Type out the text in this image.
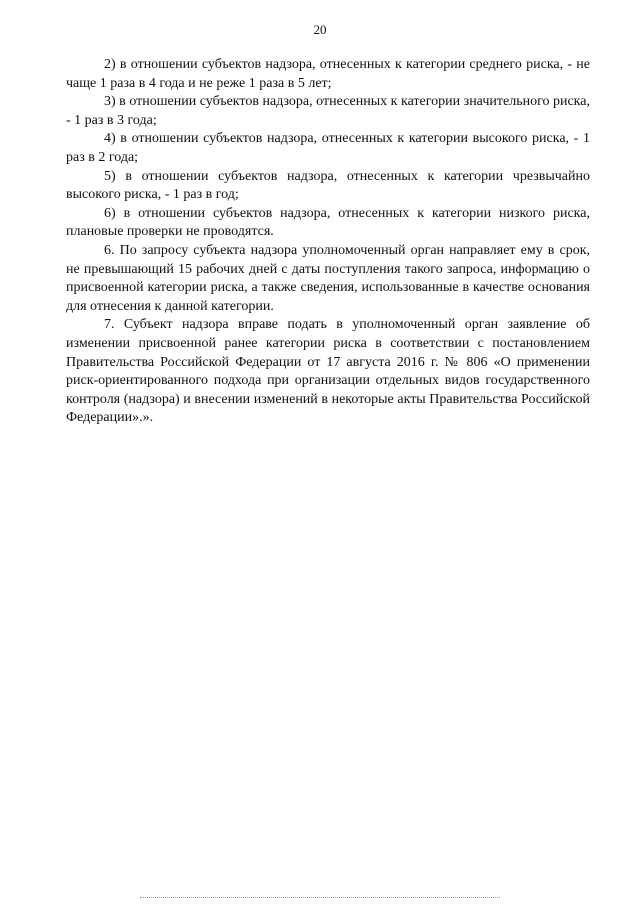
20

2) в отношении субъектов надзора, отнесенных к категории среднего риска, - не чаще 1 раза в 4 года и не реже 1 раза в 5 лет;

3) в отношении субъектов надзора, отнесенных к категории значительного риска, - 1 раз в 3 года;

4) в отношении субъектов надзора, отнесенных к категории высокого риска, - 1 раз в 2 года;

5) в отношении субъектов надзора, отнесенных к категории чрезвычайно высокого риска, - 1 раз в год;

6) в отношении субъектов надзора, отнесенных к категории низкого риска, плановые проверки не проводятся.

6. По запросу субъекта надзора уполномоченный орган направляет ему в срок, не превышающий 15 рабочих дней с даты поступления такого запроса, информацию о присвоенной категории риска, а также сведения, использованные в качестве основания для отнесения к данной категории.

7. Субъект надзора вправе подать в уполномоченный орган заявление об изменении присвоенной ранее категории риска в соответствии с постановлением Правительства Российской Федерации от 17 августа 2016 г. № 806 «О применении риск-ориентированного подхода при организации отдельных видов государственного контроля (надзора) и внесении изменений в некоторые акты Правительства Российской Федерации».».
